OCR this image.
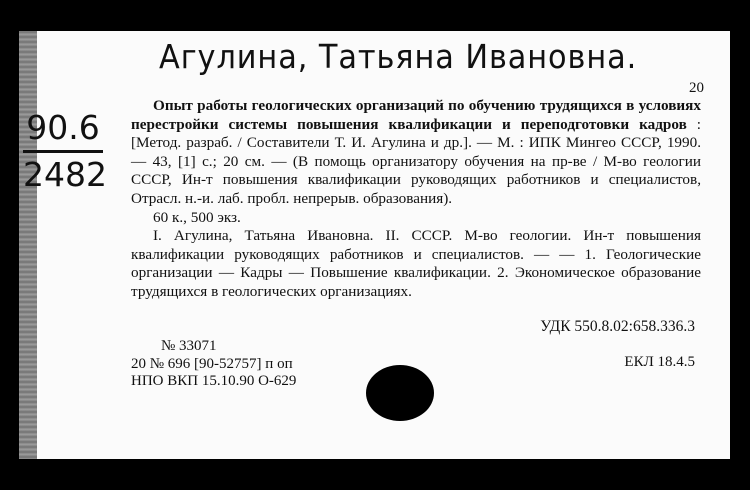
Агулина, Татьяна Ивановна.
90.6
2482
20

Опыт работы геологических организаций по обучению трудящихся в условиях перестройки системы повышения квалификации и переподготовки кадров : [Метод. разраб. / Составители Т. И. Агулина и др.]. — М. : ИПК Мингео СССР, 1990. — 43, [1] с.; 20 см. — (В помощь организатору обучения на пр-ве / М-во геологии СССР, Ин-т повышения квалификации руководящих работников и специалистов, Отрасл. н.-и. лаб. пробл. непрерыв. образования).

60 к., 500 экз.

I. Агулина, Татьяна Ивановна. II. СССР. М-во геологии. Ин-т повышения квалификации руководящих работников и специалистов. — — 1. Геологические организации — Кадры — Повышение квалификации. 2. Экономическое образование трудящихся в геологических организациях.

УДК 550.8.02:658.336.3
№ 33071
20 № 696 [90-52757] п оп
НПО ВКП 15.10.90 О-629
ЕКЛ 18.4.5
